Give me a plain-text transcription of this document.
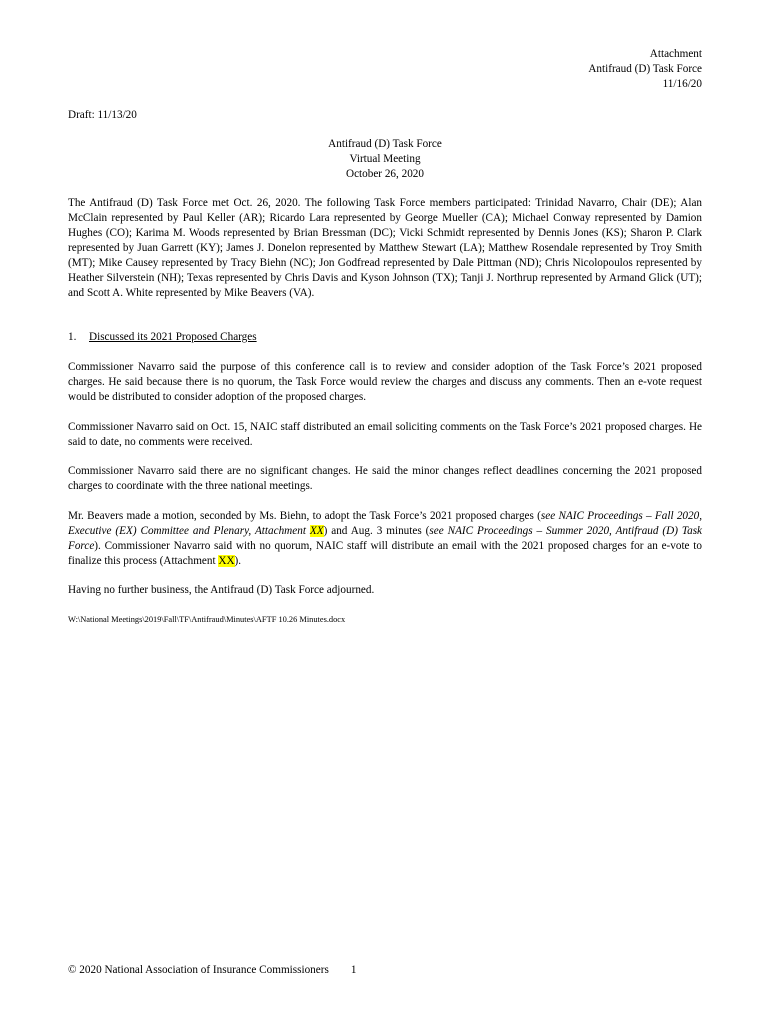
Attachment
Antifraud (D) Task Force
11/16/20
Draft: 11/13/20
Antifraud (D) Task Force
Virtual Meeting
October 26, 2020
The Antifraud (D) Task Force met Oct. 26, 2020. The following Task Force members participated: Trinidad Navarro, Chair (DE); Alan McClain represented by Paul Keller (AR); Ricardo Lara represented by George Mueller (CA); Michael Conway represented by Damion Hughes (CO); Karima M. Woods represented by Brian Bressman (DC); Vicki Schmidt represented by Dennis Jones (KS); Sharon P. Clark represented by Juan Garrett (KY); James J. Donelon represented by Matthew Stewart (LA); Matthew Rosendale represented by Troy Smith (MT); Mike Causey represented by Tracy Biehn (NC); Jon Godfread represented by Dale Pittman (ND); Chris Nicolopoulos represented by Heather Silverstein (NH); Texas represented by Chris Davis and Kyson Johnson (TX); Tanji J. Northrup represented by Armand Glick (UT); and Scott A. White represented by Mike Beavers (VA).
1. Discussed its 2021 Proposed Charges
Commissioner Navarro said the purpose of this conference call is to review and consider adoption of the Task Force’s 2021 proposed charges. He said because there is no quorum, the Task Force would review the charges and discuss any comments. Then an e-vote request would be distributed to consider adoption of the proposed charges.
Commissioner Navarro said on Oct. 15, NAIC staff distributed an email soliciting comments on the Task Force’s 2021 proposed charges. He said to date, no comments were received.
Commissioner Navarro said there are no significant changes. He said the minor changes reflect deadlines concerning the 2021 proposed charges to coordinate with the three national meetings.
Mr. Beavers made a motion, seconded by Ms. Biehn, to adopt the Task Force’s 2021 proposed charges (see NAIC Proceedings – Fall 2020, Executive (EX) Committee and Plenary, Attachment XX) and Aug. 3 minutes (see NAIC Proceedings – Summer 2020, Antifraud (D) Task Force). Commissioner Navarro said with no quorum, NAIC staff will distribute an email with the 2021 proposed charges for an e-vote to finalize this process (Attachment XX).
Having no further business, the Antifraud (D) Task Force adjourned.
W:\National Meetings\2019\Fall\TF\Antifraud\Minutes\AFTF 10.26 Minutes.docx
© 2020 National Association of Insurance Commissioners 1
